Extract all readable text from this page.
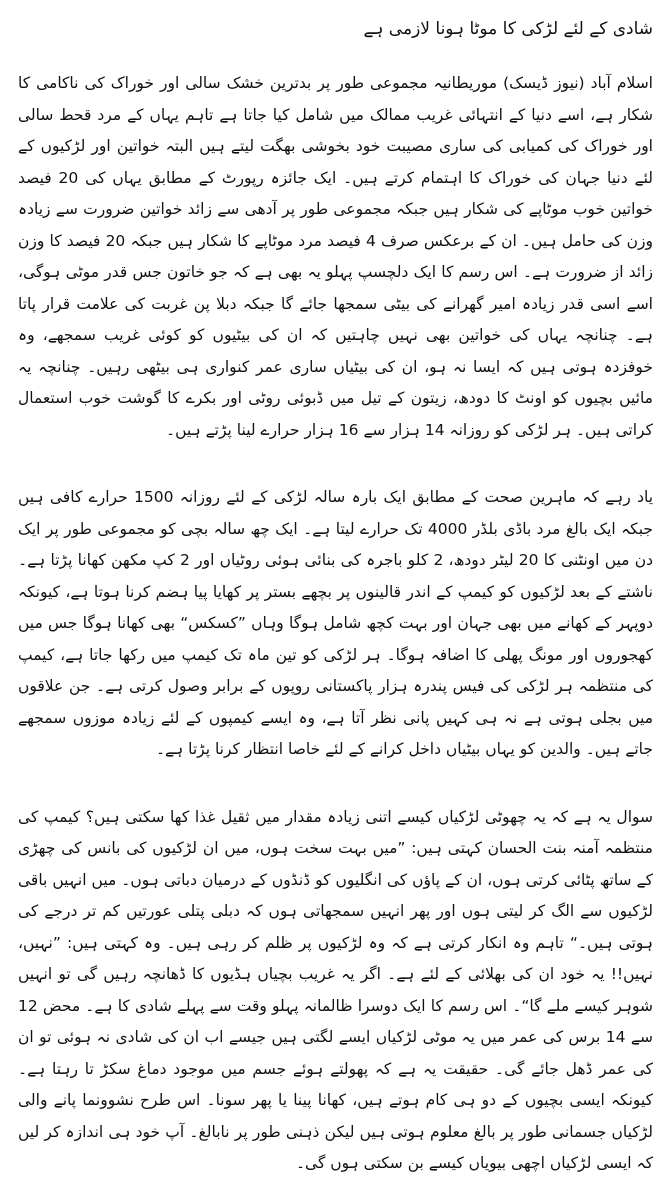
شادی کے لئے لڑکی کا موٹا ہونا لازمی ہے
اسلام آباد (نیوز ڈیسک) موریطانیہ مجموعی طور پر بدترین خشک سالی اور خوراک کی ناکامی کا شکار ہے، اسے دنیا کے انتہائی غریب ممالک میں شامل کیا جاتا ہے تاہم یہاں کے مرد قحط سالی اور خوراک کی کمیابی کی ساری مصیبت خود بخوشی بھگت لیتے ہیں البتہ خواتین اور لڑکیوں کے لئے دنیا جہان کی خوراک کا اہتمام کرتے ہیں۔ ایک جائزہ رپورٹ کے مطابق یہاں کی 20 فیصد خواتین خوب موٹاپے کی شکار ہیں جبکہ مجموعی طور پر آدھی سے زائد خواتین ضرورت سے زیادہ وزن کی حامل ہیں۔ ان کے برعکس صرف 4 فیصد مرد موٹاپے کا شکار ہیں جبکہ 20 فیصد کا وزن زائد از ضرورت ہے۔ اس رسم کا ایک دلچسپ پہلو یہ بھی ہے کہ جو خاتون جس قدر موٹی ہوگی، اسے اسی قدر زیادہ امیر گھرانے کی بیٹی سمجھا جائے گا جبکہ دبلا پن غربت کی علامت قرار پاتا ہے۔ چنانچہ یہاں کی خواتین بھی نہیں چاہتیں کہ ان کی بیٹیوں کو کوئی غریب سمجھے، وہ خوفزدہ ہوتی ہیں کہ ایسا نہ ہو، ان کی بیٹیاں ساری عمر کنواری ہی بیٹھی رہیں۔ چنانچہ یہ مائیں بچیوں کو اونٹ کا دودھ، زیتون کے تیل میں ڈبوئی روٹی اور بکرے کا گوشت خوب استعمال کراتی ہیں۔ ہر لڑکی کو روزانہ 14 ہزار سے 16 ہزار حرارے لینا پڑتے ہیں۔
یاد رہے کہ ماہرین صحت کے مطابق ایک بارہ سالہ لڑکی کے لئے روزانہ 1500 حرارے کافی ہیں جبکہ ایک بالغ مرد باڈی بلڈر 4000 تک حرارے لیتا ہے۔ ایک چھ سالہ بچی کو مجموعی طور پر ایک دن میں اونٹنی کا 20 لیٹر دودھ، 2 کلو باجرہ کی بنائی ہوئی روٹیاں اور 2 کپ مکھن کھانا پڑتا ہے۔ ناشتے کے بعد لڑکیوں کو کیمپ کے اندر قالینوں پر بچھے بستر پر کھایا پیا ہضم کرنا ہوتا ہے، کیونکہ دوپہر کے کھانے میں بھی جہان اور بہت کچھ شامل ہوگا وہاں ”کسکس“ بھی کھانا ہوگا جس میں کھجوروں اور مونگ پھلی کا اضافہ ہوگا۔ ہر لڑکی کو تین ماہ تک کیمپ میں رکھا جاتا ہے، کیمپ کی منتظمہ ہر لڑکی کی فیس پندرہ ہزار پاکستانی روپوں کے برابر وصول کرتی ہے۔ جن علاقوں میں بجلی ہوتی ہے نہ ہی کہیں پانی نظر آتا ہے، وہ ایسے کیمپوں کے لئے زیادہ موزوں سمجھے جاتے ہیں۔ والدین کو یہاں بیٹیاں داخل کرانے کے لئے خاصا انتظار کرنا پڑتا ہے۔
سوال یہ ہے کہ یہ چھوٹی لڑکیاں کیسے اتنی زیادہ مقدار میں ثقیل غذا کھا سکتی ہیں؟ کیمپ کی منتظمہ آمنہ بنت الحسان کہتی ہیں: ”میں بہت سخت ہوں، میں ان لڑکیوں کی بانس کی چھڑی کے ساتھ پٹائی کرتی ہوں، ان کے پاؤں کی انگلیوں کو ڈنڈوں کے درمیان دباتی ہوں۔ میں انہیں باقی لڑکیوں سے الگ کر لیتی ہوں اور پھر انہیں سمجھاتی ہوں کہ دبلی پتلی عورتیں کم تر درجے کی ہوتی ہیں۔“ تاہم وہ انکار کرتی ہے کہ وہ لڑکیوں پر ظلم کر رہی ہیں۔ وہ کہتی ہیں: ”نہیں، نہیں!! یہ خود ان کی بھلائی کے لئے ہے۔ اگر یہ غریب بچیاں ہڈیوں کا ڈھانچہ رہیں گی تو انہیں شوہر کیسے ملے گا“۔ اس رسم کا ایک دوسرا ظالمانہ پہلو وقت سے پہلے شادی کا ہے۔ محض 12 سے 14 برس کی عمر میں یہ موٹی لڑکیاں ایسے لگتی ہیں جیسے اب ان کی شادی نہ ہوئی تو ان کی عمر ڈھل جائے گی۔ حقیقت یہ ہے کہ پھولتے ہوئے جسم میں موجود دماغ سکڑ تا رہتا ہے۔ کیونکہ ایسی بچیوں کے دو ہی کام ہوتے ہیں، کھانا پینا یا پھر سونا۔ اس طرح نشوونما پانے والی لڑکیاں جسمانی طور پر بالغ معلوم ہوتی ہیں لیکن ذہنی طور پر نابالغ۔ آپ خود ہی اندازہ کر لیں کہ ایسی لڑکیاں اچھی بیویاں کیسے بن سکتی ہوں گی۔
